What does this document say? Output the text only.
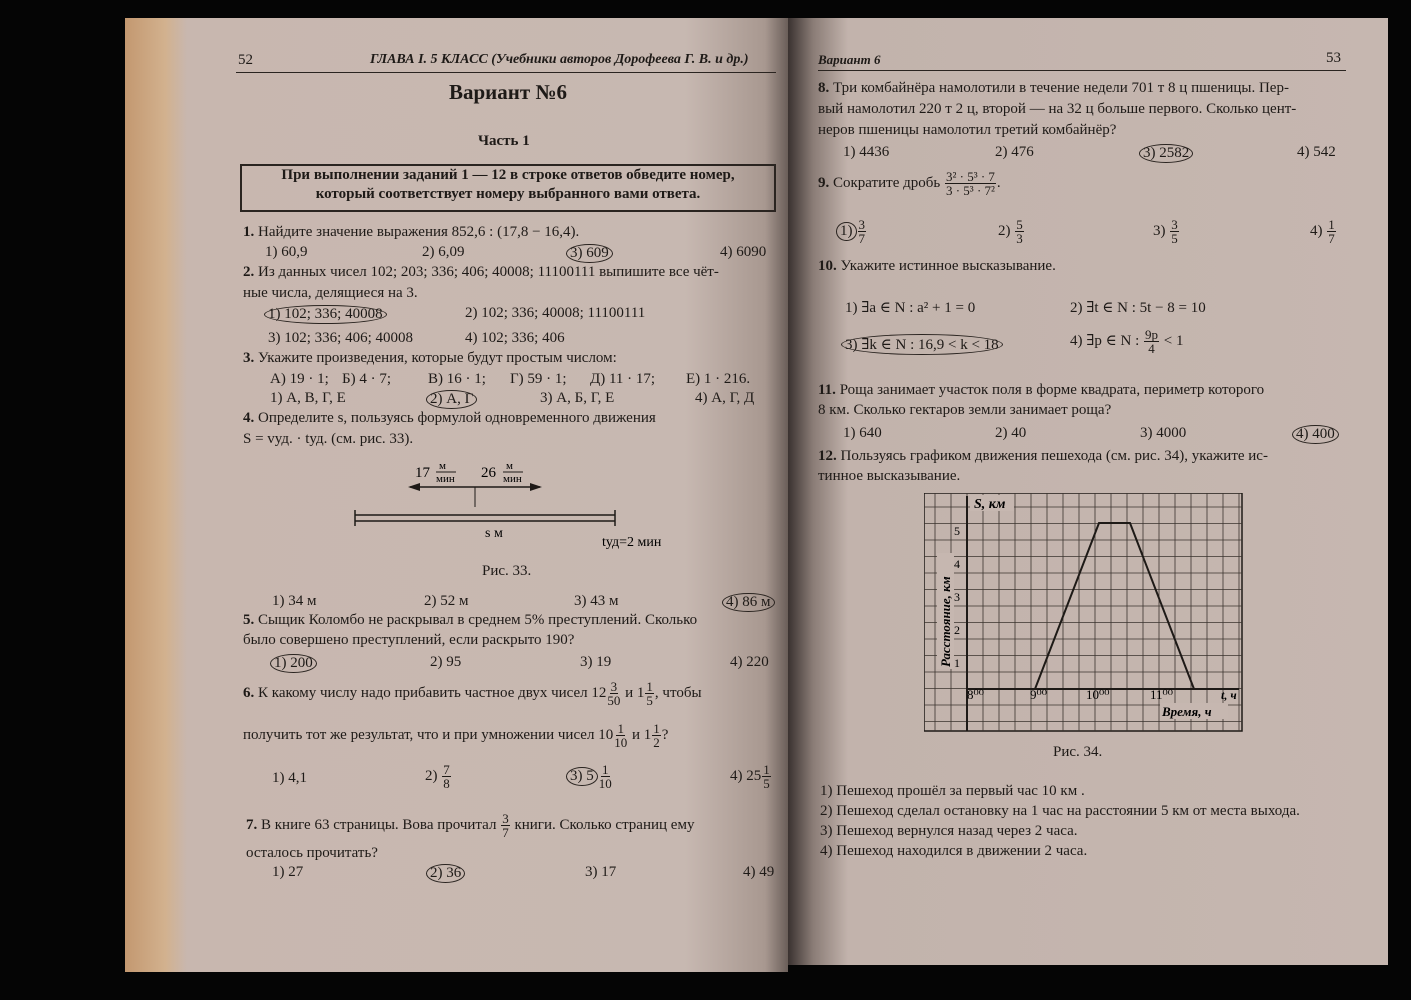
52	ГЛАВА I. 5 КЛАСС (Учебники авторов Дорофеева Г. В. и др.)
Вариант №6
Часть 1
При выполнении заданий 1 — 12 в строке ответов обведите номер,
который соответствует номеру выбранного вами ответа.
1. Найдите значение выражения 852,6 : (17,8 − 16,4).
1) 60,9	2) 6,09	3) 609	4) 6090
2. Из данных чисел 102; 203; 336; 406; 40008; 11100111 выпишите все чёт-
ные числа, делящиеся на 3.
1) 102; 336; 40008	2) 102; 336; 40008; 11100111
3) 102; 336; 406; 40008	4) 102; 336; 406
3. Укажите произведения, которые будут простым числом:
А) 19 · 1; Б) 4 · 7; В) 16 · 1; Г) 59 · 1; Д) 11 · 17; Е) 1 · 216.
1) А, В, Г, Е	2) А, Г	3) А, Б, Г, Е	4) А, Г, Д
4. Определите s, пользуясь формулой одновременного движения
S = vуд. · tуд. (см. рис. 33).
17 м
мин 26 м
мин
s м
tуд=2 мин
Рис. 33.
1) 34 м	2) 52 м	3) 43 м	4) 86 м
5. Сыщик Коломбо не раскрывал в среднем 5% преступлений. Сколько
было совершено преступлений, если раскрыто 190?
1) 200	2) 95	3) 19	4) 220
6. К какому числу надо прибавить частное двух чисел $12 \frac{3}{50}$ и $1 \frac{1}{5}$ , чтобы
получить тот же результат, что и при умножении чисел $10 \frac{1}{10}$ и $1 \frac{1}{2}$ ?
1) 4,1	$2) \frac{7}{8}$	3) $5 \frac{1}{10}$	4) $25 \frac{1}{5}$
7. В книге 63 страницы. Вова прочитал $\frac{3}{7}$ книги. Сколько страниц ему
осталось прочитать?
1) 27	2) 36	3) 17	4) 49
Вариант 6	53
8. Три комбайнёра намолотили в течение недели 701 т 8 ц пшеницы. Пер-
вый намолотил 220 т 2 ц, второй — на 32 ц больше первого. Сколько цент-
неров пшеницы намолотил третий комбайнёр?
1) 4436	2) 476	3) 2582	4) 542
9. Сократите дробь $\frac{\text{3² · 5³ · 7}}{\text{3 · 5³ · 7²}}$ .
$1) \frac{3}{7}$	$2) \frac{5}{3}$	$3) \frac{3}{5}$	$4) \frac{1}{7}$
10. Укажите истинное высказывание.
1) ∃a ∈ N : a² + 1 = 0	2) ∃t ∈ N : 5t − 8 = 10
3) ∃k ∈ N : 16,9 < k < 18	4) ∃p ∈ N : $\frac{9p}{4} < 1$
11. Роща занимает участок поля в форме квадрата, периметр которого
8 км. Сколько гектаров земли занимает роща?
1) 640	2) 40	3) 4000	4) 400
12. Пользуясь графиком движения пешехода (см. рис. 34), укажите ис-
тинное высказывание.
S, км
1
2
3
4
5
8⁰⁰	9⁰⁰	10⁰⁰	11⁰⁰	t, ч
Время, ч
Расстояние, км
Рис. 34.
1) Пешеход прошёл за первый час 10 км .
2) Пешеход сделал остановку на 1 час на расстоянии 5 км от места выхода.
3) Пешеход вернулся назад через 2 часа.
4) Пешеход находился в движении 2 часа.
